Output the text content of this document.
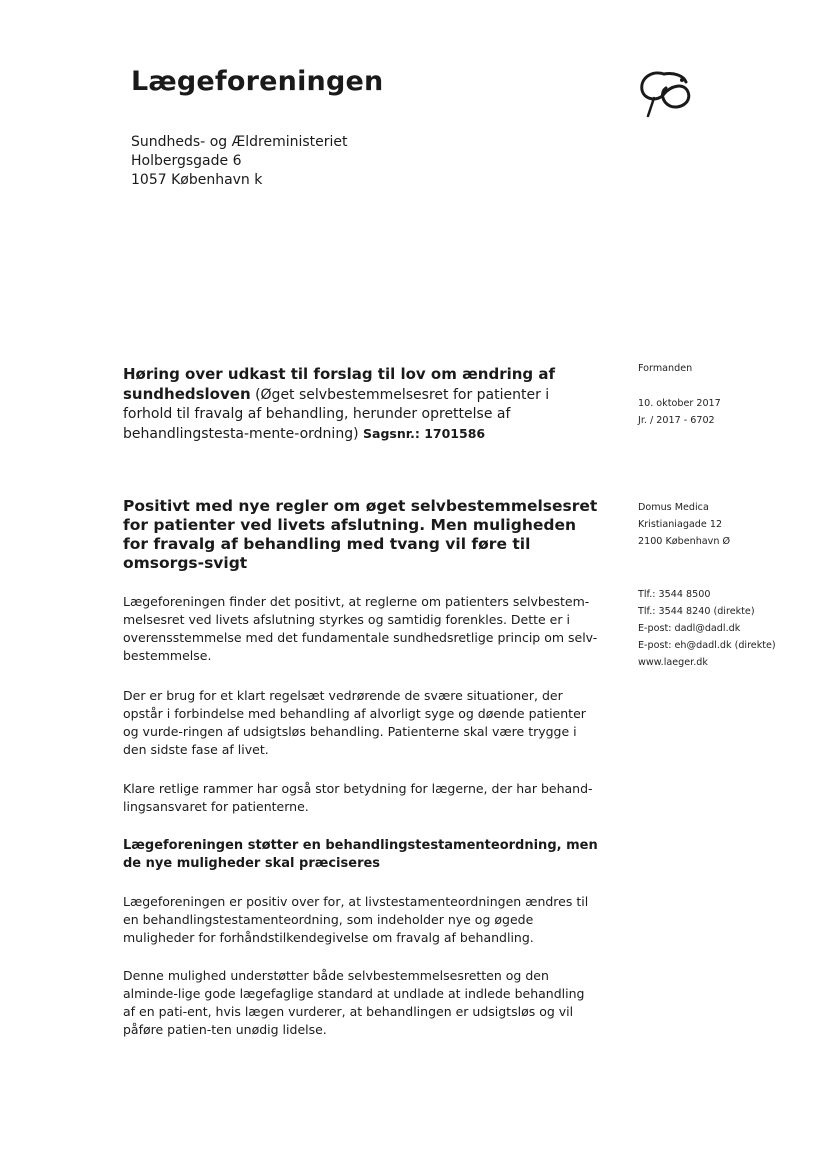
Lægeforeningen
Sundheds- og Ældreministeriet
Holbergsgade 6
1057 København k
Høring over udkast til forslag til lov om ændring af sundhedsloven (Øget selvbestemmelsesret for patienter i forhold til fravalg af behandling, herunder oprettelse af behandlingstesta-mente-ordning) Sagsnr.: 1701586
Formanden
10. oktober 2017
Jr. / 2017 - 6702
Domus Medica
Kristianiagade 12
2100 København Ø
Tlf.: 3544 8500
Tlf.: 3544 8240 (direkte)
E-post: dadl@dadl.dk
E-post: eh@dadl.dk (direkte)
www.laeger.dk
Positivt med nye regler om øget selvbestemmelsesret for patienter ved livets afslutning. Men muligheden for fravalg af behandling med tvang vil føre til omsorgs-svigt
Lægeforeningen finder det positivt, at reglerne om patienters selvbestem-melsesret ved livets afslutning styrkes og samtidig forenkles. Dette er i overensstemmelse med det fundamentale sundhedsretlige princip om selv-bestemmelse.
Der er brug for et klart regelsæt vedrørende de svære situationer, der opstår i forbindelse med behandling af alvorligt syge og døende patienter og vurde-ringen af udsigtsløs behandling. Patienterne skal være trygge i den sidste fase af livet.
Klare retlige rammer har også stor betydning for lægerne, der har behand-lingsansvaret for patienterne.
Lægeforeningen støtter en behandlingstestamenteordning, men de nye muligheder skal præciseres
Lægeforeningen er positiv over for, at livstestamenteordningen ændres til en behandlingstestamenteordning, som indeholder nye og øgede muligheder for forhåndstilkendegivelse om fravalg af behandling.
Denne mulighed understøtter både selvbestemmelsesretten og den alminde-lige gode lægefaglige standard at undlade at indlede behandling af en pati-ent, hvis lægen vurderer, at behandlingen er udsigtsløs og vil påføre patien-ten unødig lidelse.
